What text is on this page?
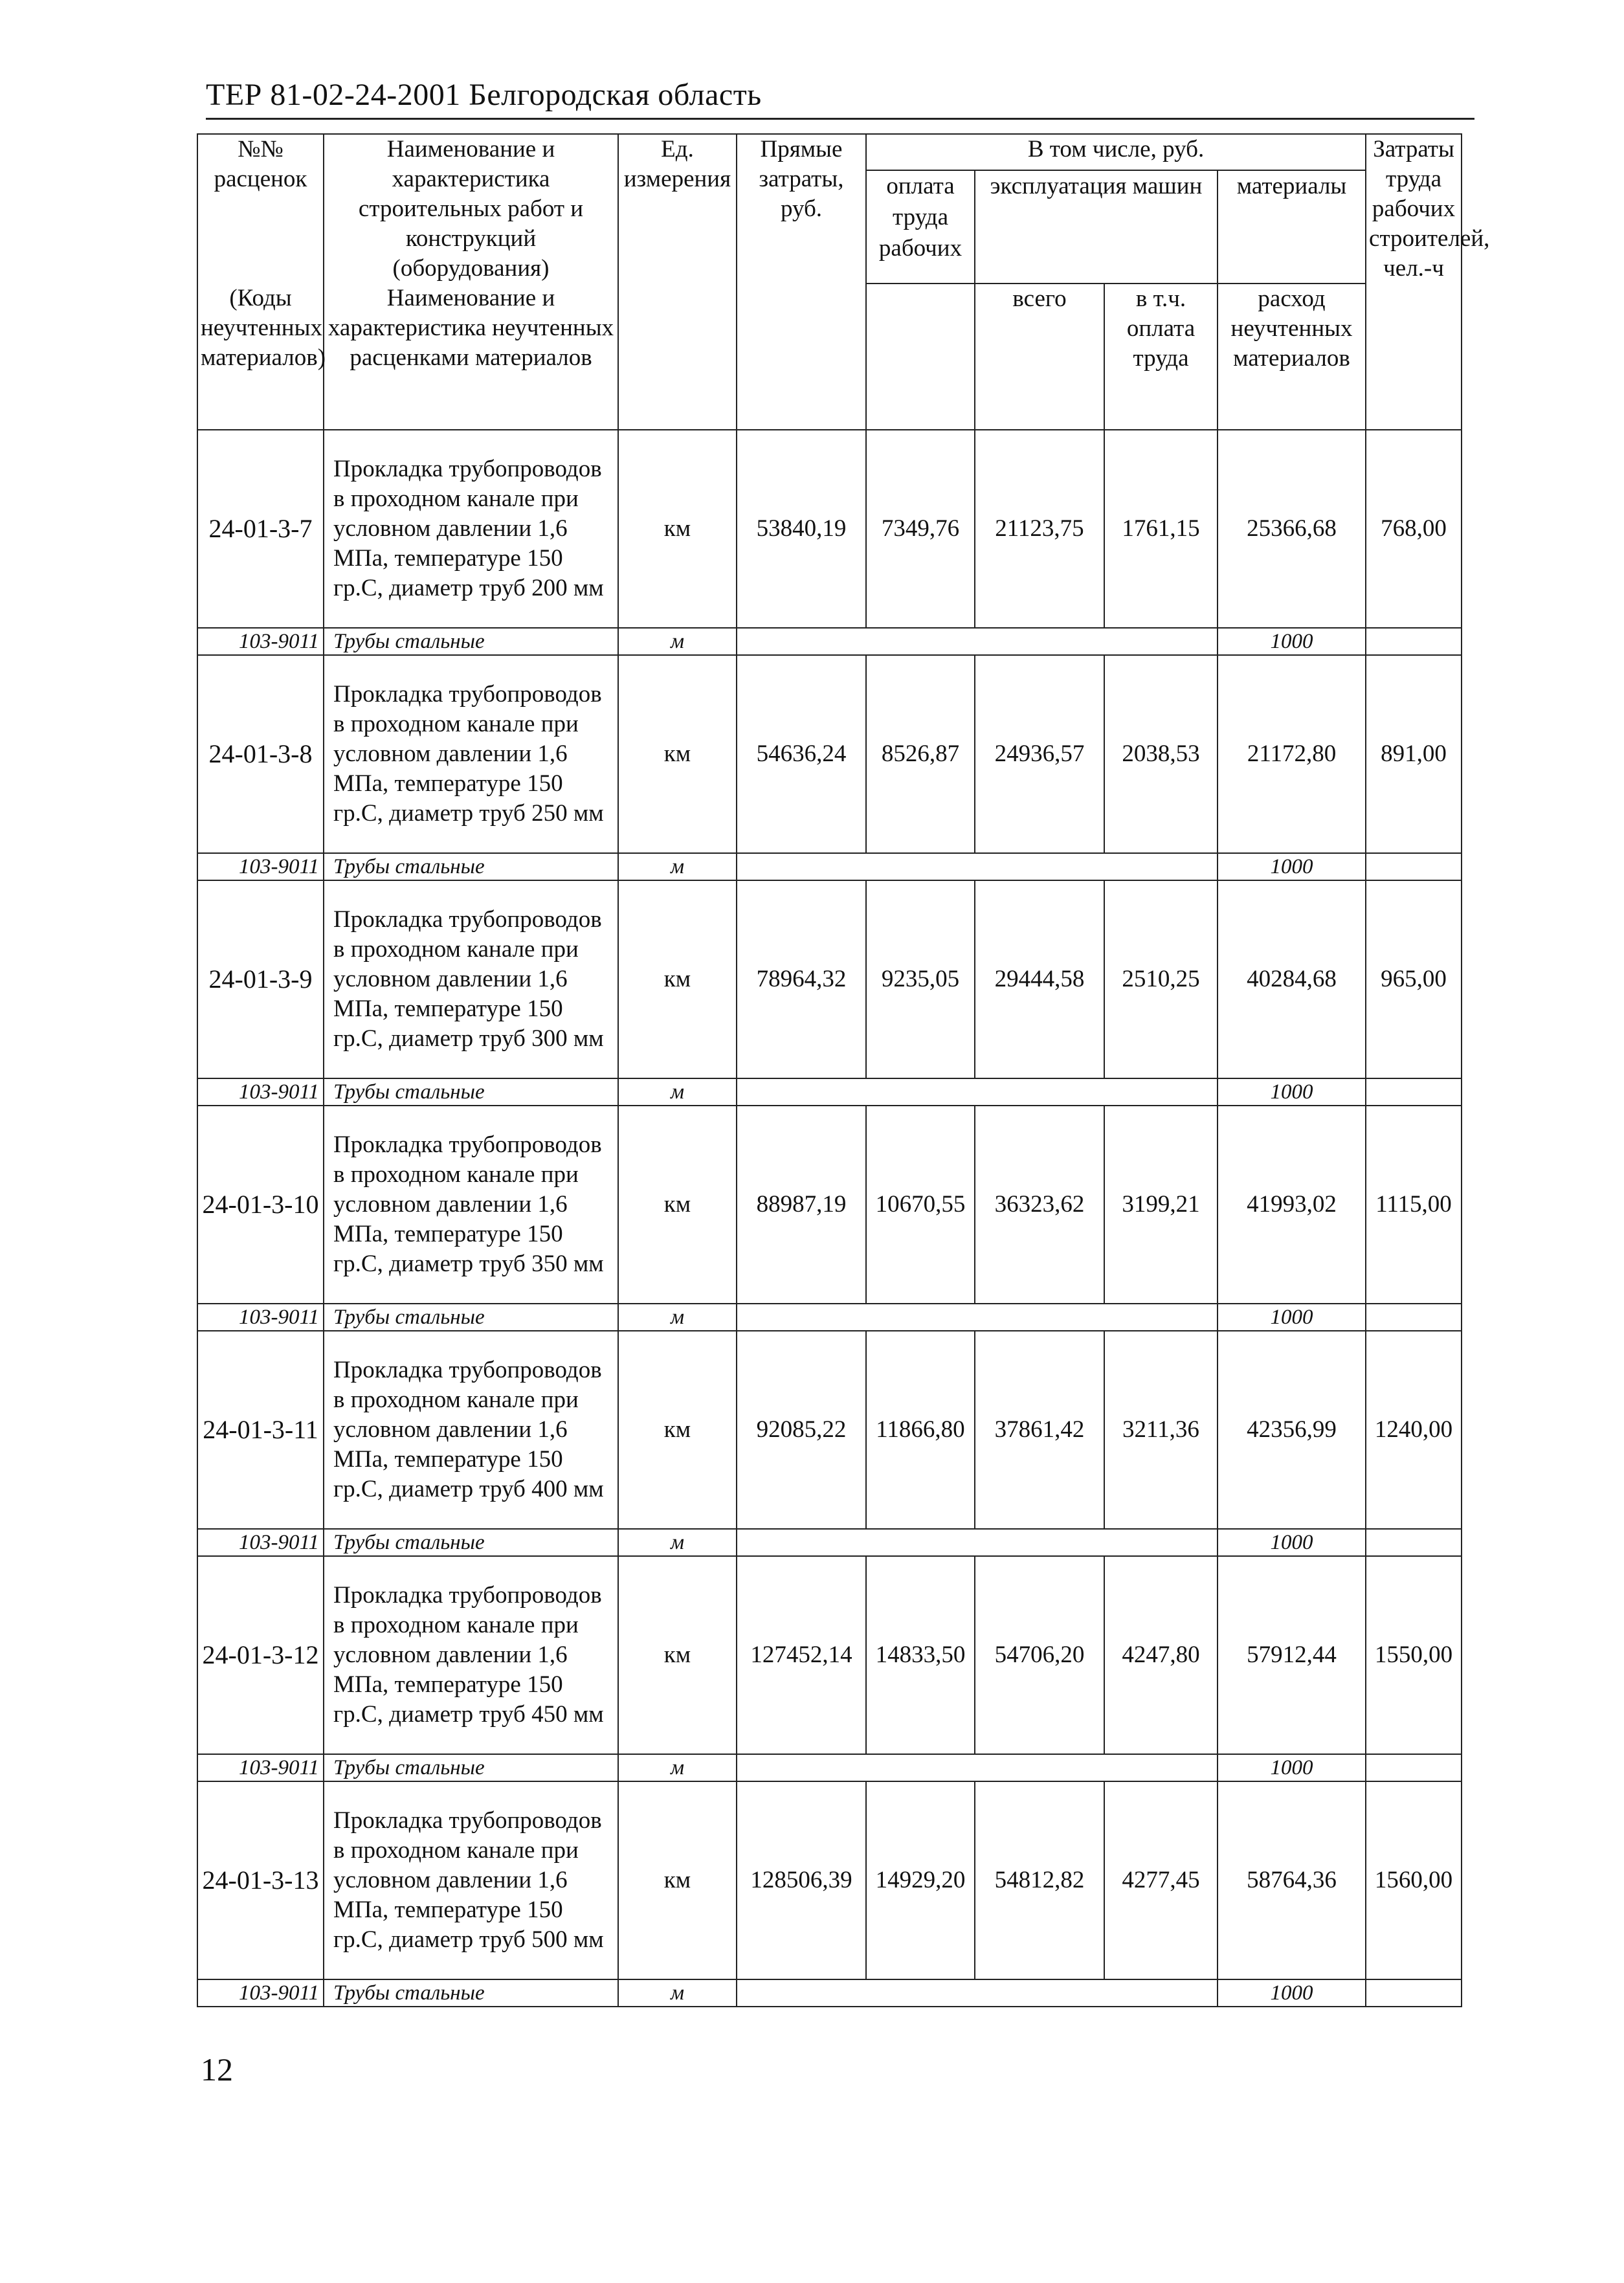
ТЕР 81-02-24-2001 Белгородская область
№№ расценок	Наименование и характеристика строительных работ и конструкций (оборудования)	Ед. измерения	Прямые затраты, руб.	В том числе, руб.				Затраты труда рабочих строителей, чел.-ч
				оплата труда рабочих	эксплуатация машин		материалы	
(Коды неучтенных материалов)	Наименование и характеристика неучтенных расценками материалов				всего	в т.ч. оплата труда	расход неучтенных материалов	
24-01-3-7	Прокладка трубопроводов в проходном канале при условном давлении 1,6 МПа, температуре 150 гр.С, диаметр труб 200 мм	км	53840,19	7349,76	21123,75	1761,15	25366,68	768,00
103-9011	Трубы стальные	м					1000	
24-01-3-8	Прокладка трубопроводов в проходном канале при условном давлении 1,6 МПа, температуре 150 гр.С, диаметр труб 250 мм	км	54636,24	8526,87	24936,57	2038,53	21172,80	891,00
103-9011	Трубы стальные	м					1000	
24-01-3-9	Прокладка трубопроводов в проходном канале при условном давлении 1,6 МПа, температуре 150 гр.С, диаметр труб 300 мм	км	78964,32	9235,05	29444,58	2510,25	40284,68	965,00
103-9011	Трубы стальные	м					1000	
24-01-3-10	Прокладка трубопроводов в проходном канале при условном давлении 1,6 МПа, температуре 150 гр.С, диаметр труб 350 мм	км	88987,19	10670,55	36323,62	3199,21	41993,02	1115,00
103-9011	Трубы стальные	м					1000	
24-01-3-11	Прокладка трубопроводов в проходном канале при условном давлении 1,6 МПа, температуре 150 гр.С, диаметр труб 400 мм	км	92085,22	11866,80	37861,42	3211,36	42356,99	1240,00
103-9011	Трубы стальные	м					1000	
24-01-3-12	Прокладка трубопроводов в проходном канале при условном давлении 1,6 МПа, температуре 150 гр.С, диаметр труб 450 мм	км	127452,14	14833,50	54706,20	4247,80	57912,44	1550,00
103-9011	Трубы стальные	м					1000	
24-01-3-13	Прокладка трубопроводов в проходном канале при условном давлении 1,6 МПа, температуре 150 гр.С, диаметр труб 500 мм	км	128506,39	14929,20	54812,82	4277,45	58764,36	1560,00
103-9011	Трубы стальные	м					1000	
12
